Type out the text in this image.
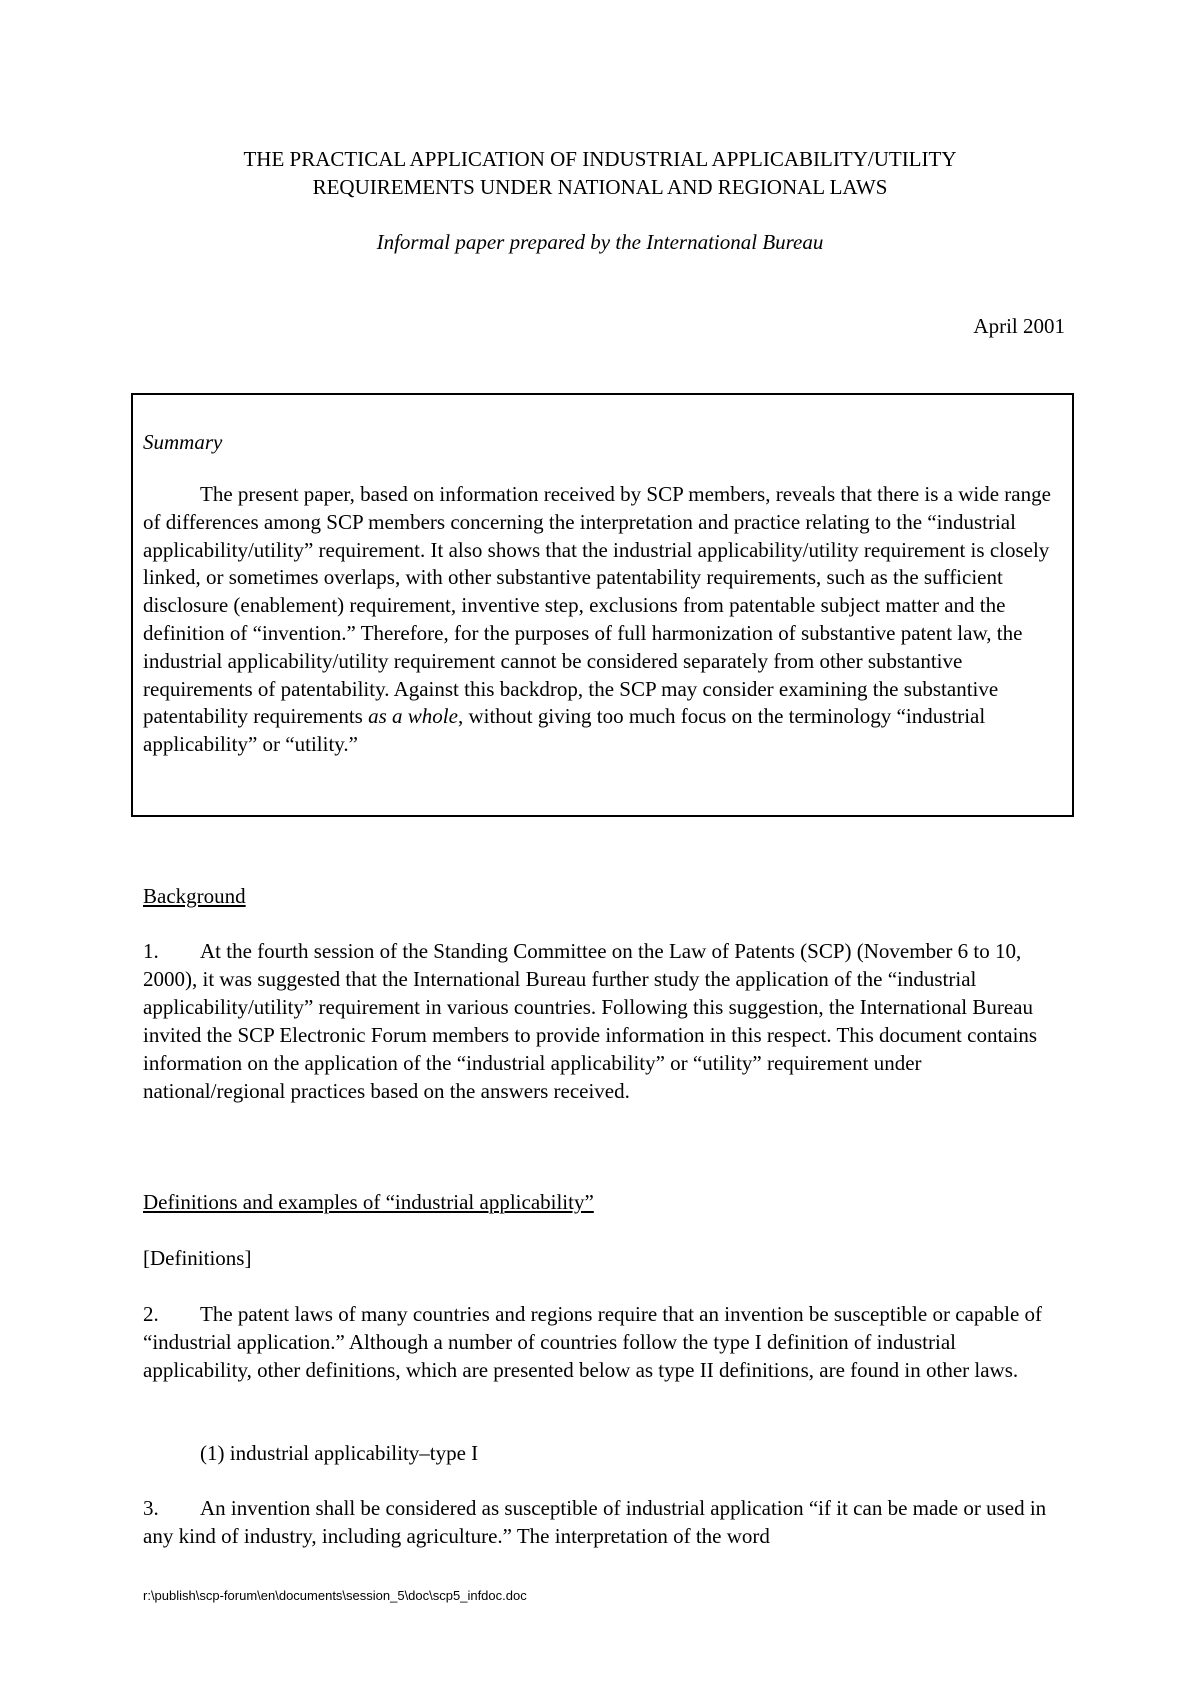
THE PRACTICAL APPLICATION OF INDUSTRIAL APPLICABILITY/UTILITY
REQUIREMENTS UNDER NATIONAL AND REGIONAL LAWS
Informal paper prepared by the International Bureau
April 2001
Summary
The present paper, based on information received by SCP members, reveals that there is a wide range of differences among SCP members concerning the interpretation and practice relating to the “industrial applicability/utility” requirement. It also shows that the industrial applicability/utility requirement is closely linked, or sometimes overlaps, with other substantive patentability requirements, such as the sufficient disclosure (enablement) requirement, inventive step, exclusions from patentable subject matter and the definition of “invention.” Therefore, for the purposes of full harmonization of substantive patent law, the industrial applicability/utility requirement cannot be considered separately from other substantive requirements of patentability. Against this backdrop, the SCP may consider examining the substantive patentability requirements as a whole, without giving too much focus on the terminology “industrial applicability” or “utility.”
Background
1. At the fourth session of the Standing Committee on the Law of Patents (SCP) (November 6 to 10, 2000), it was suggested that the International Bureau further study the application of the “industrial applicability/utility” requirement in various countries. Following this suggestion, the International Bureau invited the SCP Electronic Forum members to provide information in this respect. This document contains information on the application of the “industrial applicability” or “utility” requirement under national/regional practices based on the answers received.
Definitions and examples of “industrial applicability”
[Definitions]
2. The patent laws of many countries and regions require that an invention be susceptible or capable of “industrial application.” Although a number of countries follow the type I definition of industrial applicability, other definitions, which are presented below as type II definitions, are found in other laws.
(1) industrial applicability–type I
3. An invention shall be considered as susceptible of industrial application “if it can be made or used in any kind of industry, including agriculture.” The interpretation of the word
r:\publish\scp-forum\en\documents\session_5\doc\scp5_infdoc.doc
